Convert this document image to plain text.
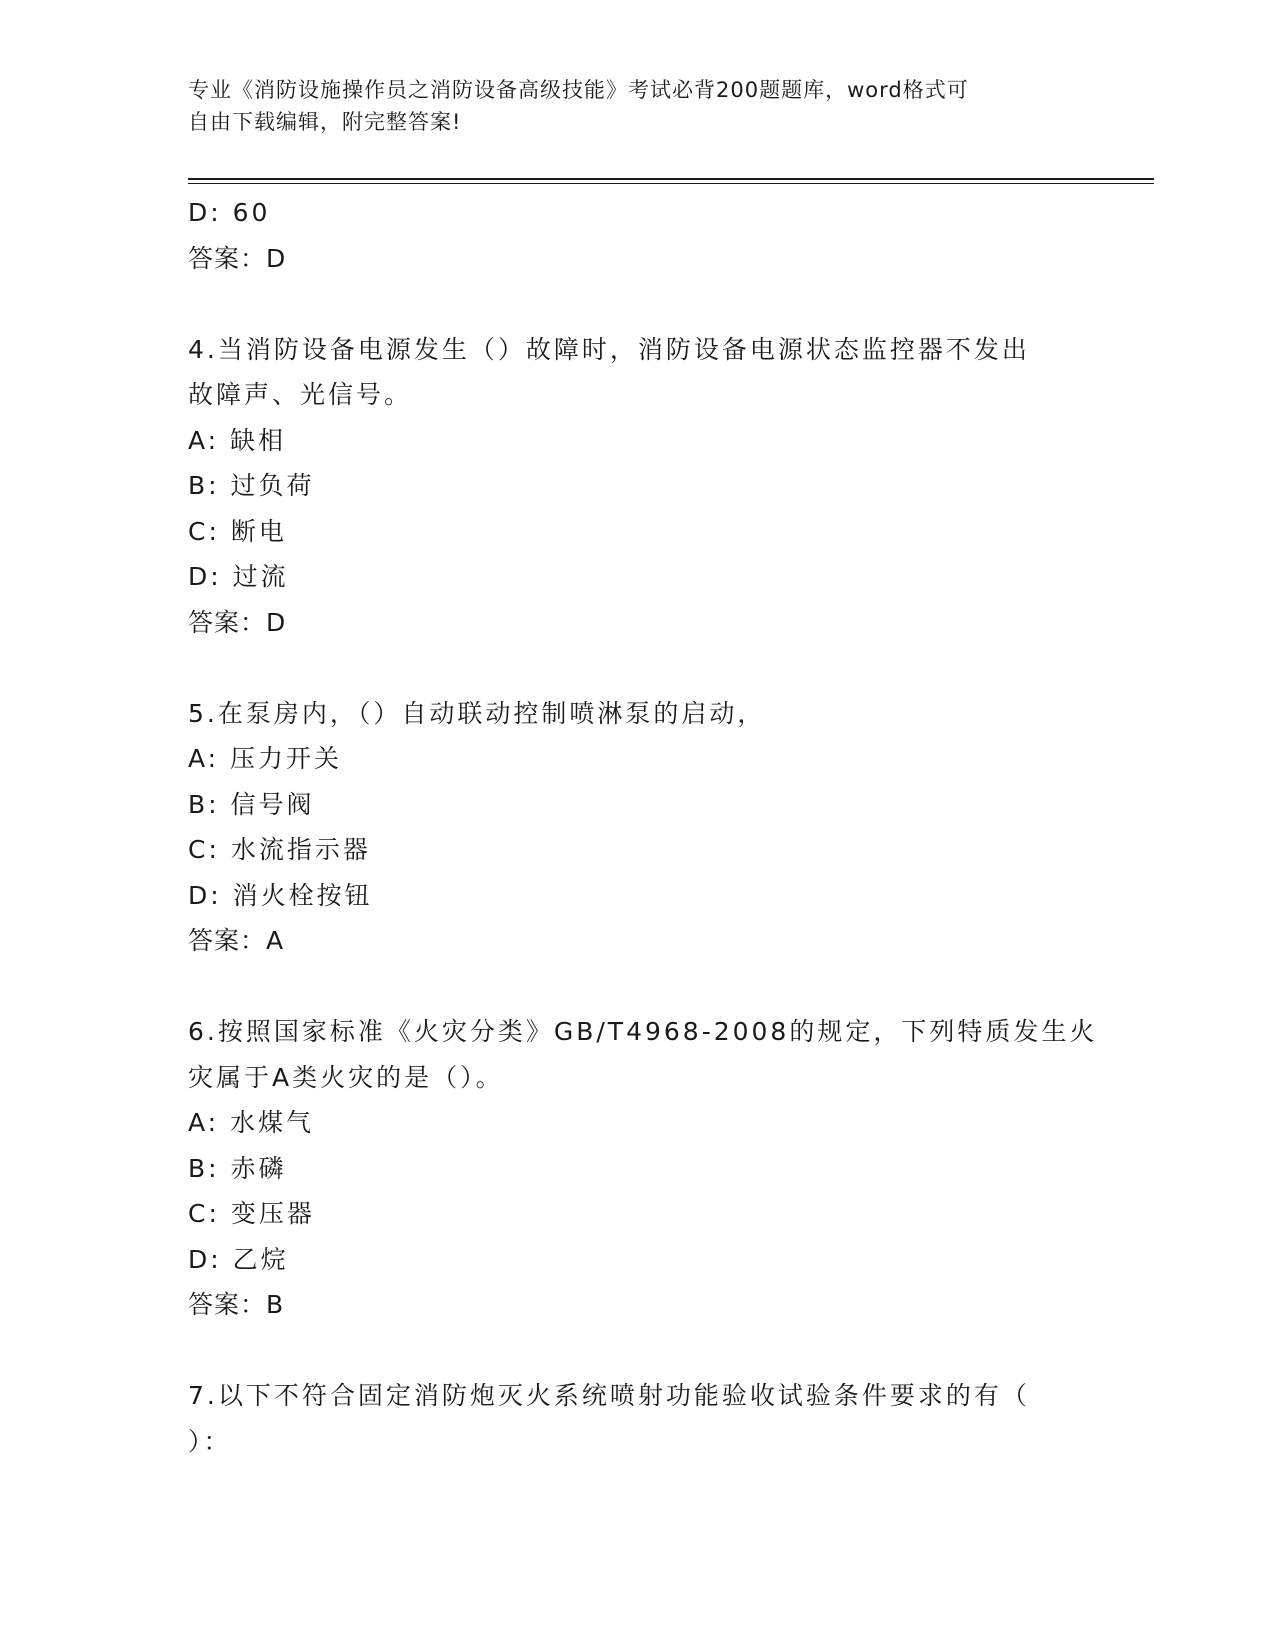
专业《消防设施操作员之消防设备高级技能》考试必背200题题库，word格式可
自由下载编辑，附完整答案!
D: 60
答案：D
4.当消防设备电源发生（）故障时，消防设备电源状态监控器不发出
故障声、光信号。
A: 缺相
B: 过负荷
C: 断电
D: 过流
答案：D
5.在泵房内，（）自动联动控制喷淋泵的启动，
A: 压力开关
B: 信号阀
C: 水流指示器
D: 消火栓按钮
答案：A
6.按照国家标准《火灾分类》GB/T4968-2008的规定，下列特质发生火
灾属于A类火灾的是（）。
A: 水煤气
B: 赤磷
C: 变压器
D: 乙烷
答案：B
7.以下不符合固定消防炮灭火系统喷射功能验收试验条件要求的有（
）：
